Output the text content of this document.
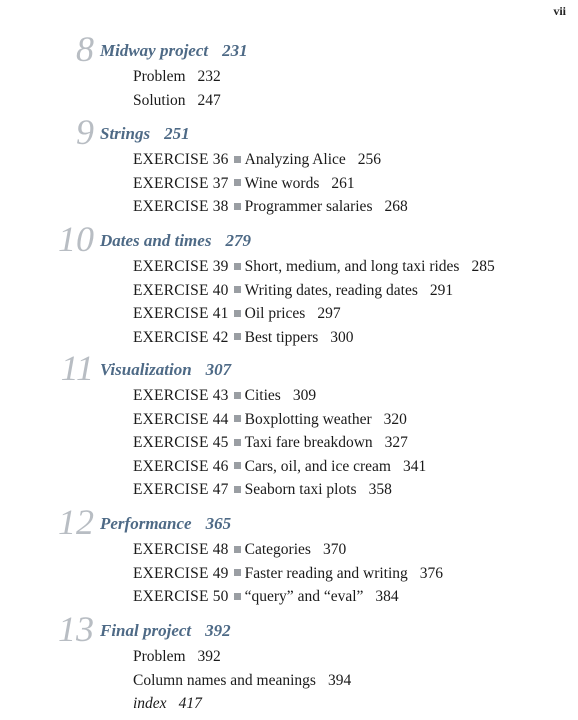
vii
8 Midway project 231
Problem 232
Solution 247
9 Strings 251
EXERCISE 36 Analyzing Alice 256
EXERCISE 37 Wine words 261
EXERCISE 38 Programmer salaries 268
10 Dates and times 279
EXERCISE 39 Short, medium, and long taxi rides 285
EXERCISE 40 Writing dates, reading dates 291
EXERCISE 41 Oil prices 297
EXERCISE 42 Best tippers 300
11 Visualization 307
EXERCISE 43 Cities 309
EXERCISE 44 Boxplotting weather 320
EXERCISE 45 Taxi fare breakdown 327
EXERCISE 46 Cars, oil, and ice cream 341
EXERCISE 47 Seaborn taxi plots 358
12 Performance 365
EXERCISE 48 Categories 370
EXERCISE 49 Faster reading and writing 376
EXERCISE 50 “query” and “eval” 384
13 Final project 392
Problem 392
Column names and meanings 394
index 417
